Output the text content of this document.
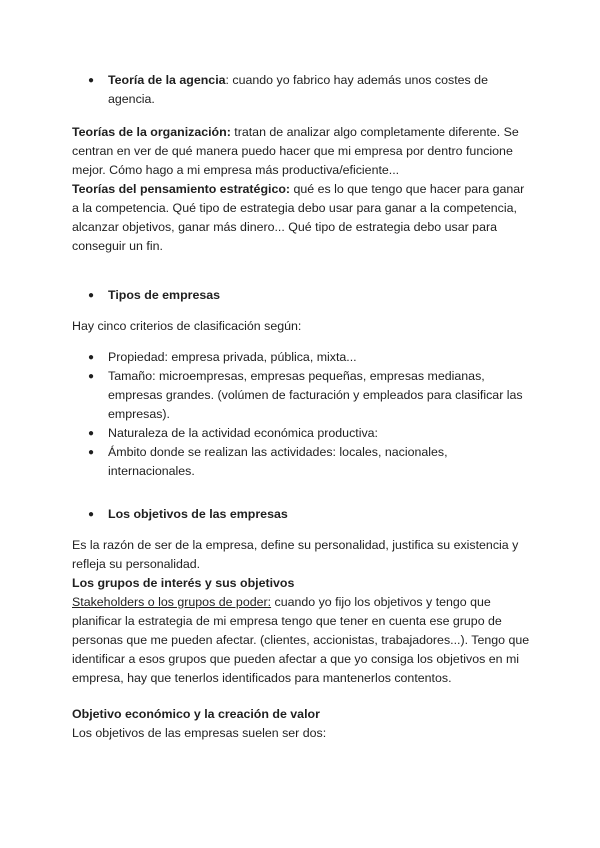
● Teoría de la agencia: cuando yo fabrico hay además unos costes de agencia.

Teorías de la organización: tratan de analizar algo completamente diferente. Se centran en ver de qué manera puedo hacer que mi empresa por dentro funcione mejor. Cómo hago a mi empresa más productiva/eficiente...

Teorías del pensamiento estratégico: qué es lo que tengo que hacer para ganar a la competencia. Qué tipo de estrategia debo usar para ganar a la competencia, alcanzar objetivos, ganar más dinero... Qué tipo de estrategia debo usar para conseguir un fin.

● Tipos de empresas

Hay cinco criterios de clasificación según:

● Propiedad: empresa privada, pública, mixta...
● Tamaño: microempresas, empresas pequeñas, empresas medianas, empresas grandes. (volúmen de facturación y empleados para clasificar las empresas).
● Naturaleza de la actividad económica productiva:
● Ámbito donde se realizan las actividades: locales, nacionales, internacionales.
● Los objetivos de las empresas

Es la razón de ser de la empresa, define su personalidad, justifica su existencia y refleja su personalidad.

Los grupos de interés y sus objetivos

Stakeholders o los grupos de poder: cuando yo fijo los objetivos y tengo que planificar la estrategia de mi empresa tengo que tener en cuenta ese grupo de personas que me pueden afectar. (clientes, accionistas, trabajadores...). Tengo que identificar a esos grupos que pueden afectar a que yo consiga los objetivos en mi empresa, hay que tenerlos identificados para mantenerlos contentos.

Objetivo económico y la creación de valor

Los objetivos de las empresas suelen ser dos:
